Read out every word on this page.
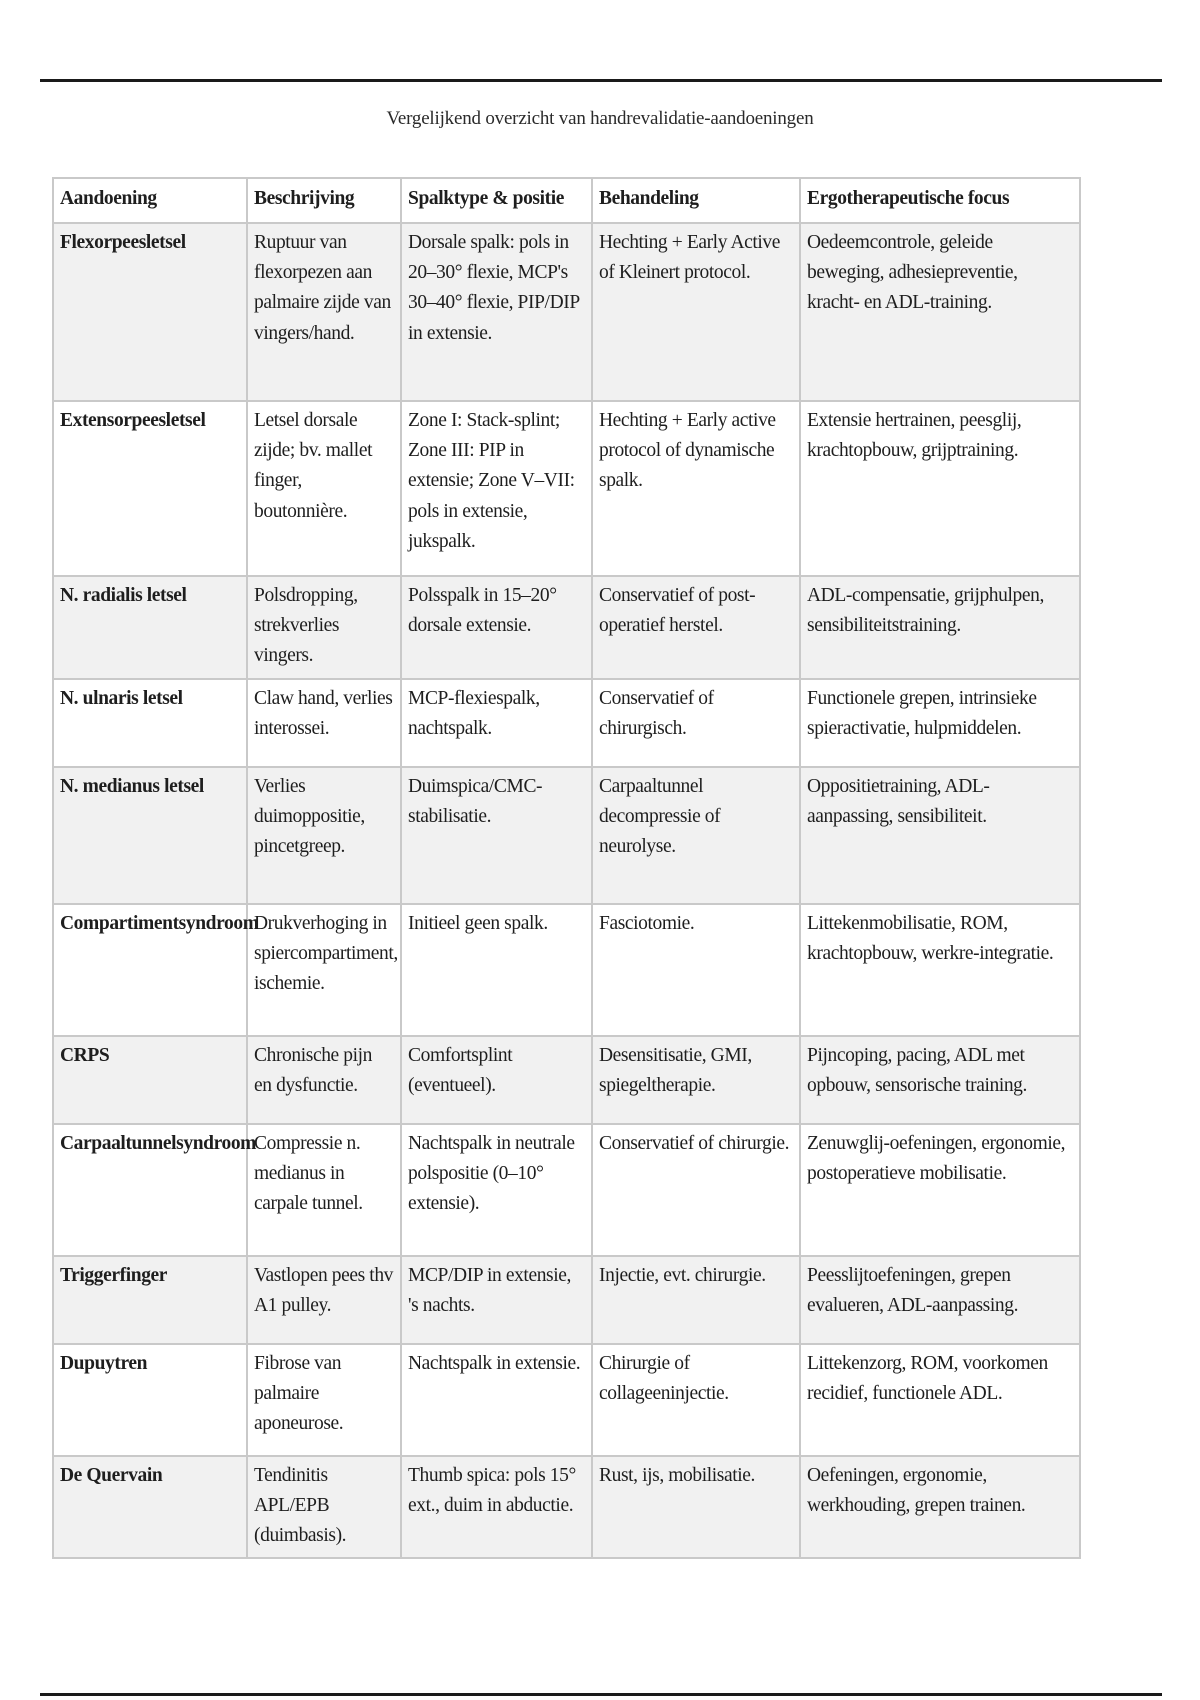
Vergelijkend overzicht van handrevalidatie-aandoeningen
Aandoening	Beschrijving	Spalktype & positie	Behandeling	Ergotherapeutische focus
Flexorpeesletsel	Ruptuur van flexorpezen aan palmaire zijde van vingers/hand.	Dorsale spalk: pols in 20–30° flexie, MCP's 30–40° flexie, PIP/DIP in extensie.	Hechting + Early Active of Kleinert protocol.	Oedeemcontrole, geleide beweging, adhesiepreventie, kracht- en ADL-training.
Extensorpeesletsel	Letsel dorsale zijde; bv. mallet finger, boutonnière.	Zone I: Stack-splint; Zone III: PIP in extensie; Zone V–VII: pols in extensie, jukspalk.	Hechting + Early active protocol of dynamische spalk.	Extensie hertrainen, peesglij, krachtopbouw, grijptraining.
N. radialis letsel	Polsdropping, strekverlies vingers.	Polsspalk in 15–20° dorsale extensie.	Conservatief of post-operatief herstel.	ADL-compensatie, grijphulpen, sensibiliteitstraining.
N. ulnaris letsel	Claw hand, verlies interossei.	MCP-flexiespalk, nachtspalk.	Conservatief of chirurgisch.	Functionele grepen, intrinsieke spieractivatie, hulpmiddelen.
N. medianus letsel	Verlies duimoppositie, pincetgreep.	Duimspica/CMC-stabilisatie.	Carpaaltunnel decompressie of neurolyse.	Oppositietraining, ADL-aanpassing, sensibiliteit.
Compartimentsyndroom	Drukverhoging in spiercompartiment, ischemie.	Initieel geen spalk.	Fasciotomie.	Littekenmobilisatie, ROM, krachtopbouw, werkre-integratie.
CRPS	Chronische pijn en dysfunctie.	Comfortsplint (eventueel).	Desensitisatie, GMI, spiegeltherapie.	Pijncoping, pacing, ADL met opbouw, sensorische training.
Carpaaltunnelsyndroom	Compressie n. medianus in carpale tunnel.	Nachtspalk in neutrale polspositie (0–10° extensie).	Conservatief of chirurgie.	Zenuwglij-oefeningen, ergonomie, postoperatieve mobilisatie.
Triggerfinger	Vastlopen pees thv A1 pulley.	MCP/DIP in extensie, 's nachts.	Injectie, evt. chirurgie.	Peesslijtoefeningen, grepen evalueren, ADL-aanpassing.
Dupuytren	Fibrose van palmaire aponeurose.	Nachtspalk in extensie.	Chirurgie of collageeninjectie.	Littekenzorg, ROM, voorkomen recidief, functionele ADL.
De Quervain	Tendinitis APL/EPB (duimbasis).	Thumb spica: pols 15° ext., duim in abductie.	Rust, ijs, mobilisatie.	Oefeningen, ergonomie, werkhouding, grepen trainen.
